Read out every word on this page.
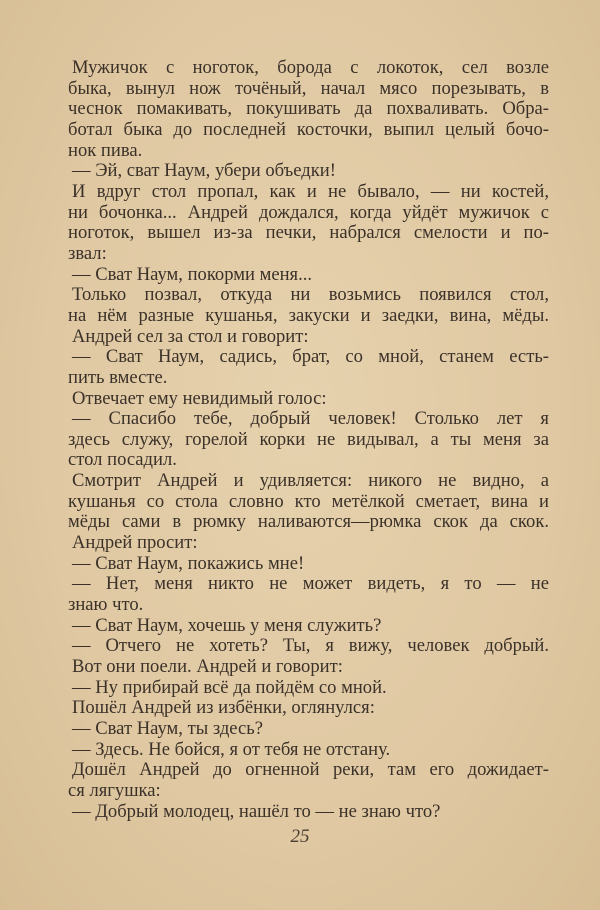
Мужичок с ноготок, борода с локоток, сел возле
быка, вынул нож точёный, начал мясо порезывать, в
чеснок помакивать, покушивать да похваливать. Обра-
ботал быка до последней косточки, выпил целый бочо-
нок пива.
— Эй, сват Наум, убери объедки!
И вдруг стол пропал, как и не бывало, — ни костей,
ни бочонка... Андрей дождался, когда уйдёт мужичок с
ноготок, вышел из-за печки, набрался смелости и по-
звал:
— Сват Наум, покорми меня...
Только позвал, откуда ни возьмись появился стол,
на нём разные кушанья, закуски и заедки, вина, мёды.
Андрей сел за стол и говорит:
— Сват Наум, садись, брат, со мной, станем есть-
пить вместе.
Отвечает ему невидимый голос:
— Спасибо тебе, добрый человек! Столько лет я
здесь служу, горелой корки не видывал, а ты меня за
стол посадил.
Смотрит Андрей и удивляется: никого не видно, а
кушанья со стола словно кто метёлкой сметает, вина и
мёды сами в рюмку наливаются—рюмка скок да скок.
Андрей просит:
— Сват Наум, покажись мне!
— Нет, меня никто не может видеть, я то — не
знаю что.
— Сват Наум, хочешь у меня служить?
— Отчего не хотеть? Ты, я вижу, человек добрый.
Вот они поели. Андрей и говорит:
— Ну прибирай всё да пойдём со мной.
Пошёл Андрей из избёнки, оглянулся:
— Сват Наум, ты здесь?
— Здесь. Не бойся, я от тебя не отстану.
Дошёл Андрей до огненной реки, там его дожидает-
ся лягушка:
— Добрый молодец, нашёл то — не знаю что?
25
